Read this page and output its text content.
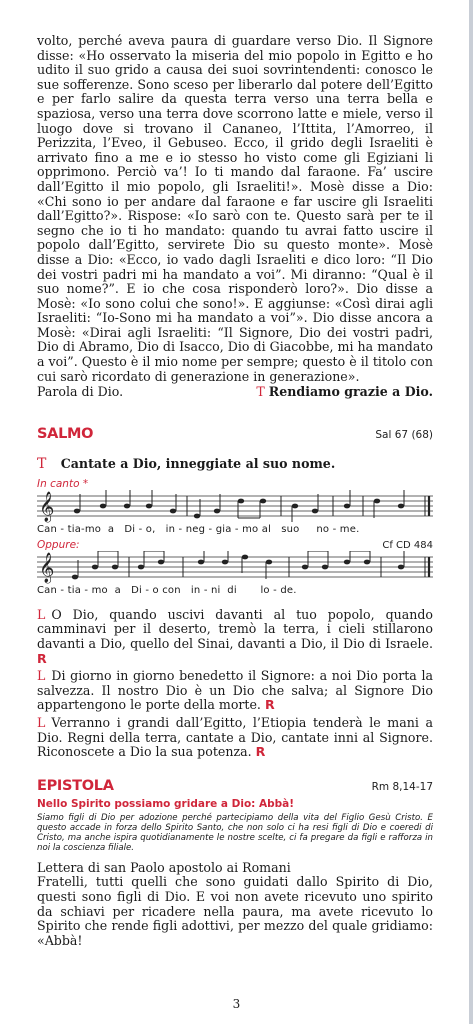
volto, perché aveva paura di guardare verso Dio. Il Signore disse: «Ho osservato la miseria del mio popolo in Egitto e ho udito il suo grido a causa dei suoi sovrintendenti: conosco le sue sofferenze. Sono sceso per liberarlo dal potere dell’Egitto e per farlo salire da questa terra verso una terra bella e spaziosa, verso una terra dove scorrono latte e miele, verso il luogo dove si trovano il Cananeo, l’Ittita, l’Amorreo, il Perizzita, l’Eveo, il Gebuseo. Ecco, il grido degli Israeliti è arrivato fino a me e io stesso ho visto come gli Egiziani li opprimono. Perciò va’! Io ti mando dal faraone. Fa’ uscire dall’Egitto il mio popolo, gli Israeliti!». Mosè disse a Dio: «Chi sono io per andare dal faraone e far uscire gli Israeliti dall’Egitto?». Rispose: «Io sarò con te. Questo sarà per te il segno che io ti ho mandato: quando tu avrai fatto uscire il popolo dall’Egitto, servirete Dio su questo monte». Mosè disse a Dio: «Ecco, io vado dagli Israeliti e dico loro: “Il Dio dei vostri padri mi ha mandato a voi”. Mi diranno: “Qual è il suo nome?”. E io che cosa risponderò loro?». Dio disse a Mosè: «Io sono colui che sono!». E aggiunse: «Così dirai agli Israeliti: “Io-Sono mi ha mandato a voi”». Dio disse ancora a Mosè: «Dirai agli Israeliti: “Il Signore, Dio dei vostri padri, Dio di Abramo, Dio di Isacco, Dio di Giacobbe, mi ha mandato a voi”. Questo è il mio nome per sempre; questo è il titolo con cui sarò ricordato di generazione in generazione».

Parola di Dio.	T Rendiamo grazie a Dio.
SALMO	Sal 67 (68)
T Cantate a Dio, inneggiate al suo nome.
In canto *
𝄞

Can - tia-mo  a   Di - o,   in - neg - gia - mo al   suo     no - me.

Oppure:	Cf CD 484
𝄞

Can - tia - mo  a   Di - o con   in - ni  di       lo - de.

L O Dio, quando uscivi davanti al tuo popolo, quando camminavi per il deserto, tremò la terra, i cieli stillarono davanti a Dio, quello del Sinai, davanti a Dio, il Dio di Israele. R

L Di giorno in giorno benedetto il Signore: a noi Dio porta la salvezza. Il nostro Dio è un Dio che salva; al Signore Dio appartengono le porte della morte. R

L Verranno i grandi dall’Egitto, l’Etiopia tenderà le mani a Dio. Regni della terra, cantate a Dio, cantate inni al Signore. Riconoscete a Dio la sua potenza. R

EPISTOLA	Rm 8,14-17
Nello Spirito possiamo gridare a Dio: Abbà!

Siamo figli di Dio per adozione perché partecipiamo della vita del Figlio Gesù Cristo. E questo accade in forza dello Spirito Santo, che non solo ci ha resi figli di Dio e coeredi di Cristo, ma anche ispira quotidianamente le nostre scelte, ci fa pregare da figli e rafforza in noi la coscienza filiale.

Lettera di san Paolo apostolo ai Romani

Fratelli, tutti quelli che sono guidati dallo Spirito di Dio, questi sono figli di Dio. E voi non avete ricevuto uno spirito da schiavi per ricadere nella paura, ma avete ricevuto lo Spirito che rende figli adottivi, per mezzo del quale gridiamo: «Abbà!

3
